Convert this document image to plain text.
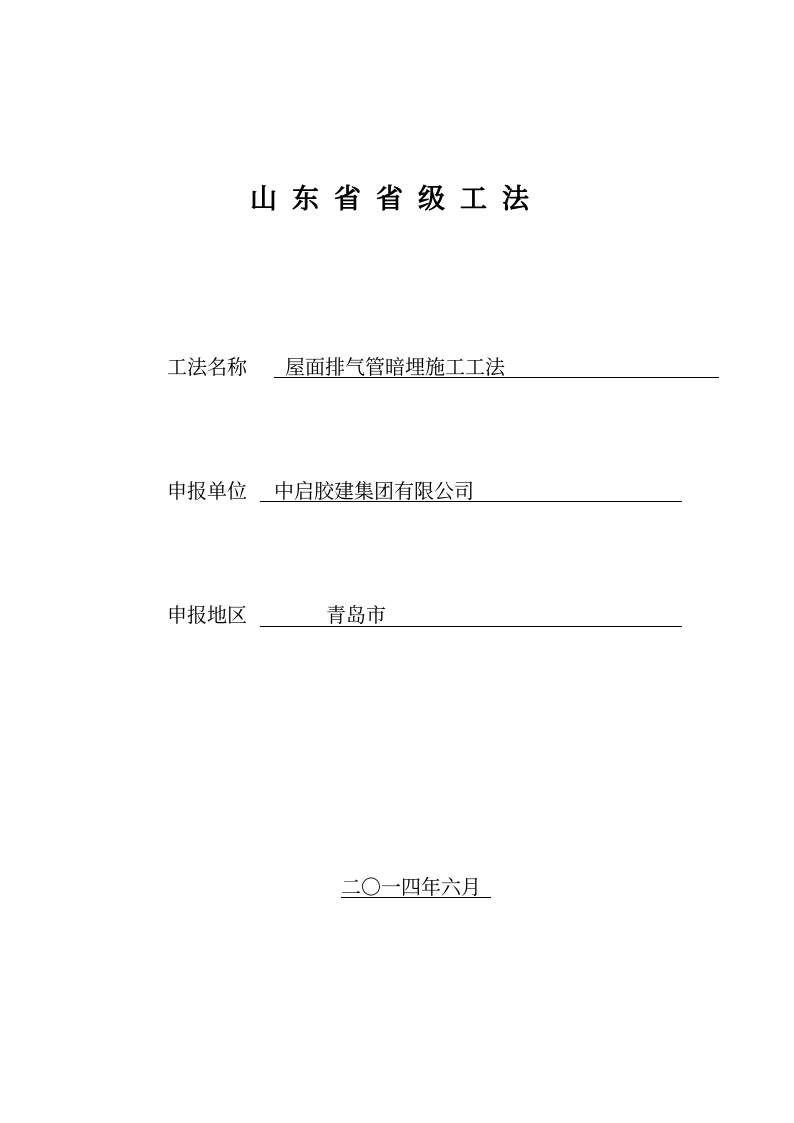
山东省省级工法
工法名称 屋面排气管暗埋施工工法
申报单位 中启胶建集团有限公司
申报地区	青岛市
二〇一四年六月
